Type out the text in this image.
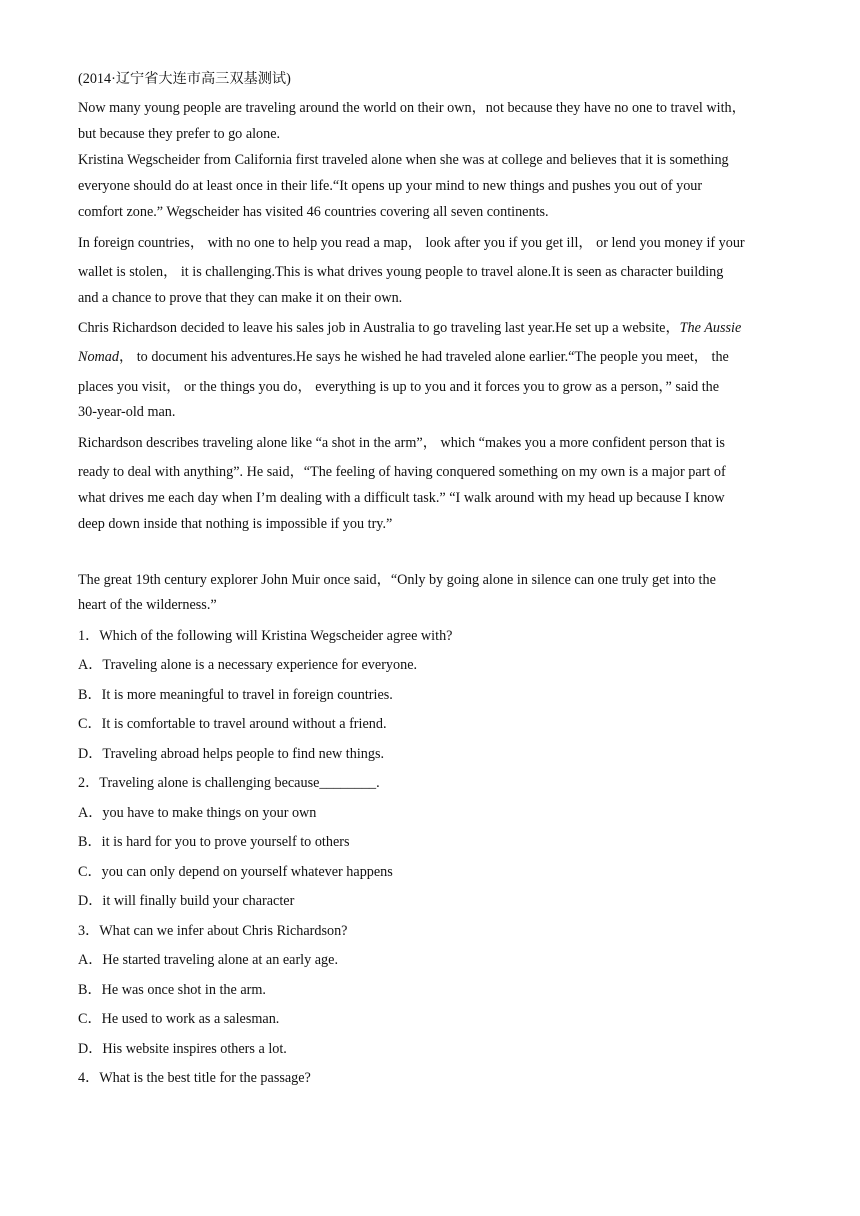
(2014·辽宁省大连市高三双基测试)
Now many young people are traveling around the world on their own，not because they have no one to travel with，
but because they prefer to go alone.
Kristina Wegscheider from California first traveled alone when she was at college and believes that it is something
everyone should do at least once in their life.“It opens up your mind to new things and pushes you out of your
comfort zone.” Wegscheider has visited 46 countries covering all seven continents.
In foreign countries， with no one to help you read a map， look after you if you get ill， or lend you money if your
wallet is stolen， it is challenging.This is what drives young people to travel alone.It is seen as character building
and a chance to prove that they can make it on their own.
Chris Richardson decided to leave his sales job in Australia to go traveling last year.He set up a website，The Aussie
Nomad， to document his adventures.He says he wished he had traveled alone earlier.“The people you meet， the
places you visit， or the things you do， everything is up to you and it forces you to grow as a person，” said the
30-year-old man.
Richardson describes traveling alone like “a shot in the arm”， which “makes you a more confident person that is
ready to deal with anything”. He said，“The feeling of having conquered something on my own is a major part of
what drives me each day when I’m dealing with a difficult task.” “I walk around with my head up because I know
deep down inside that nothing is impossible if you try.”
The great 19th century explorer John Muir once said，“Only by going alone in silence can one truly get into the
heart of the wilderness.”
1．Which of the following will Kristina Wegscheider agree with?
A．Traveling alone is a necessary experience for everyone.
B．It is more meaningful to travel in foreign countries.
C．It is comfortable to travel around without a friend.
D．Traveling abroad helps people to find new things.
2．Traveling alone is challenging because________.
A．you have to make things on your own
B．it is hard for you to prove yourself to others
C．you can only depend on yourself whatever happens
D．it will finally build your character
3．What can we infer about Chris Richardson?
A．He started traveling alone at an early age.
B．He was once shot in the arm.
C．He used to work as a salesman.
D．His website inspires others a lot.
4．What is the best title for the passage?
